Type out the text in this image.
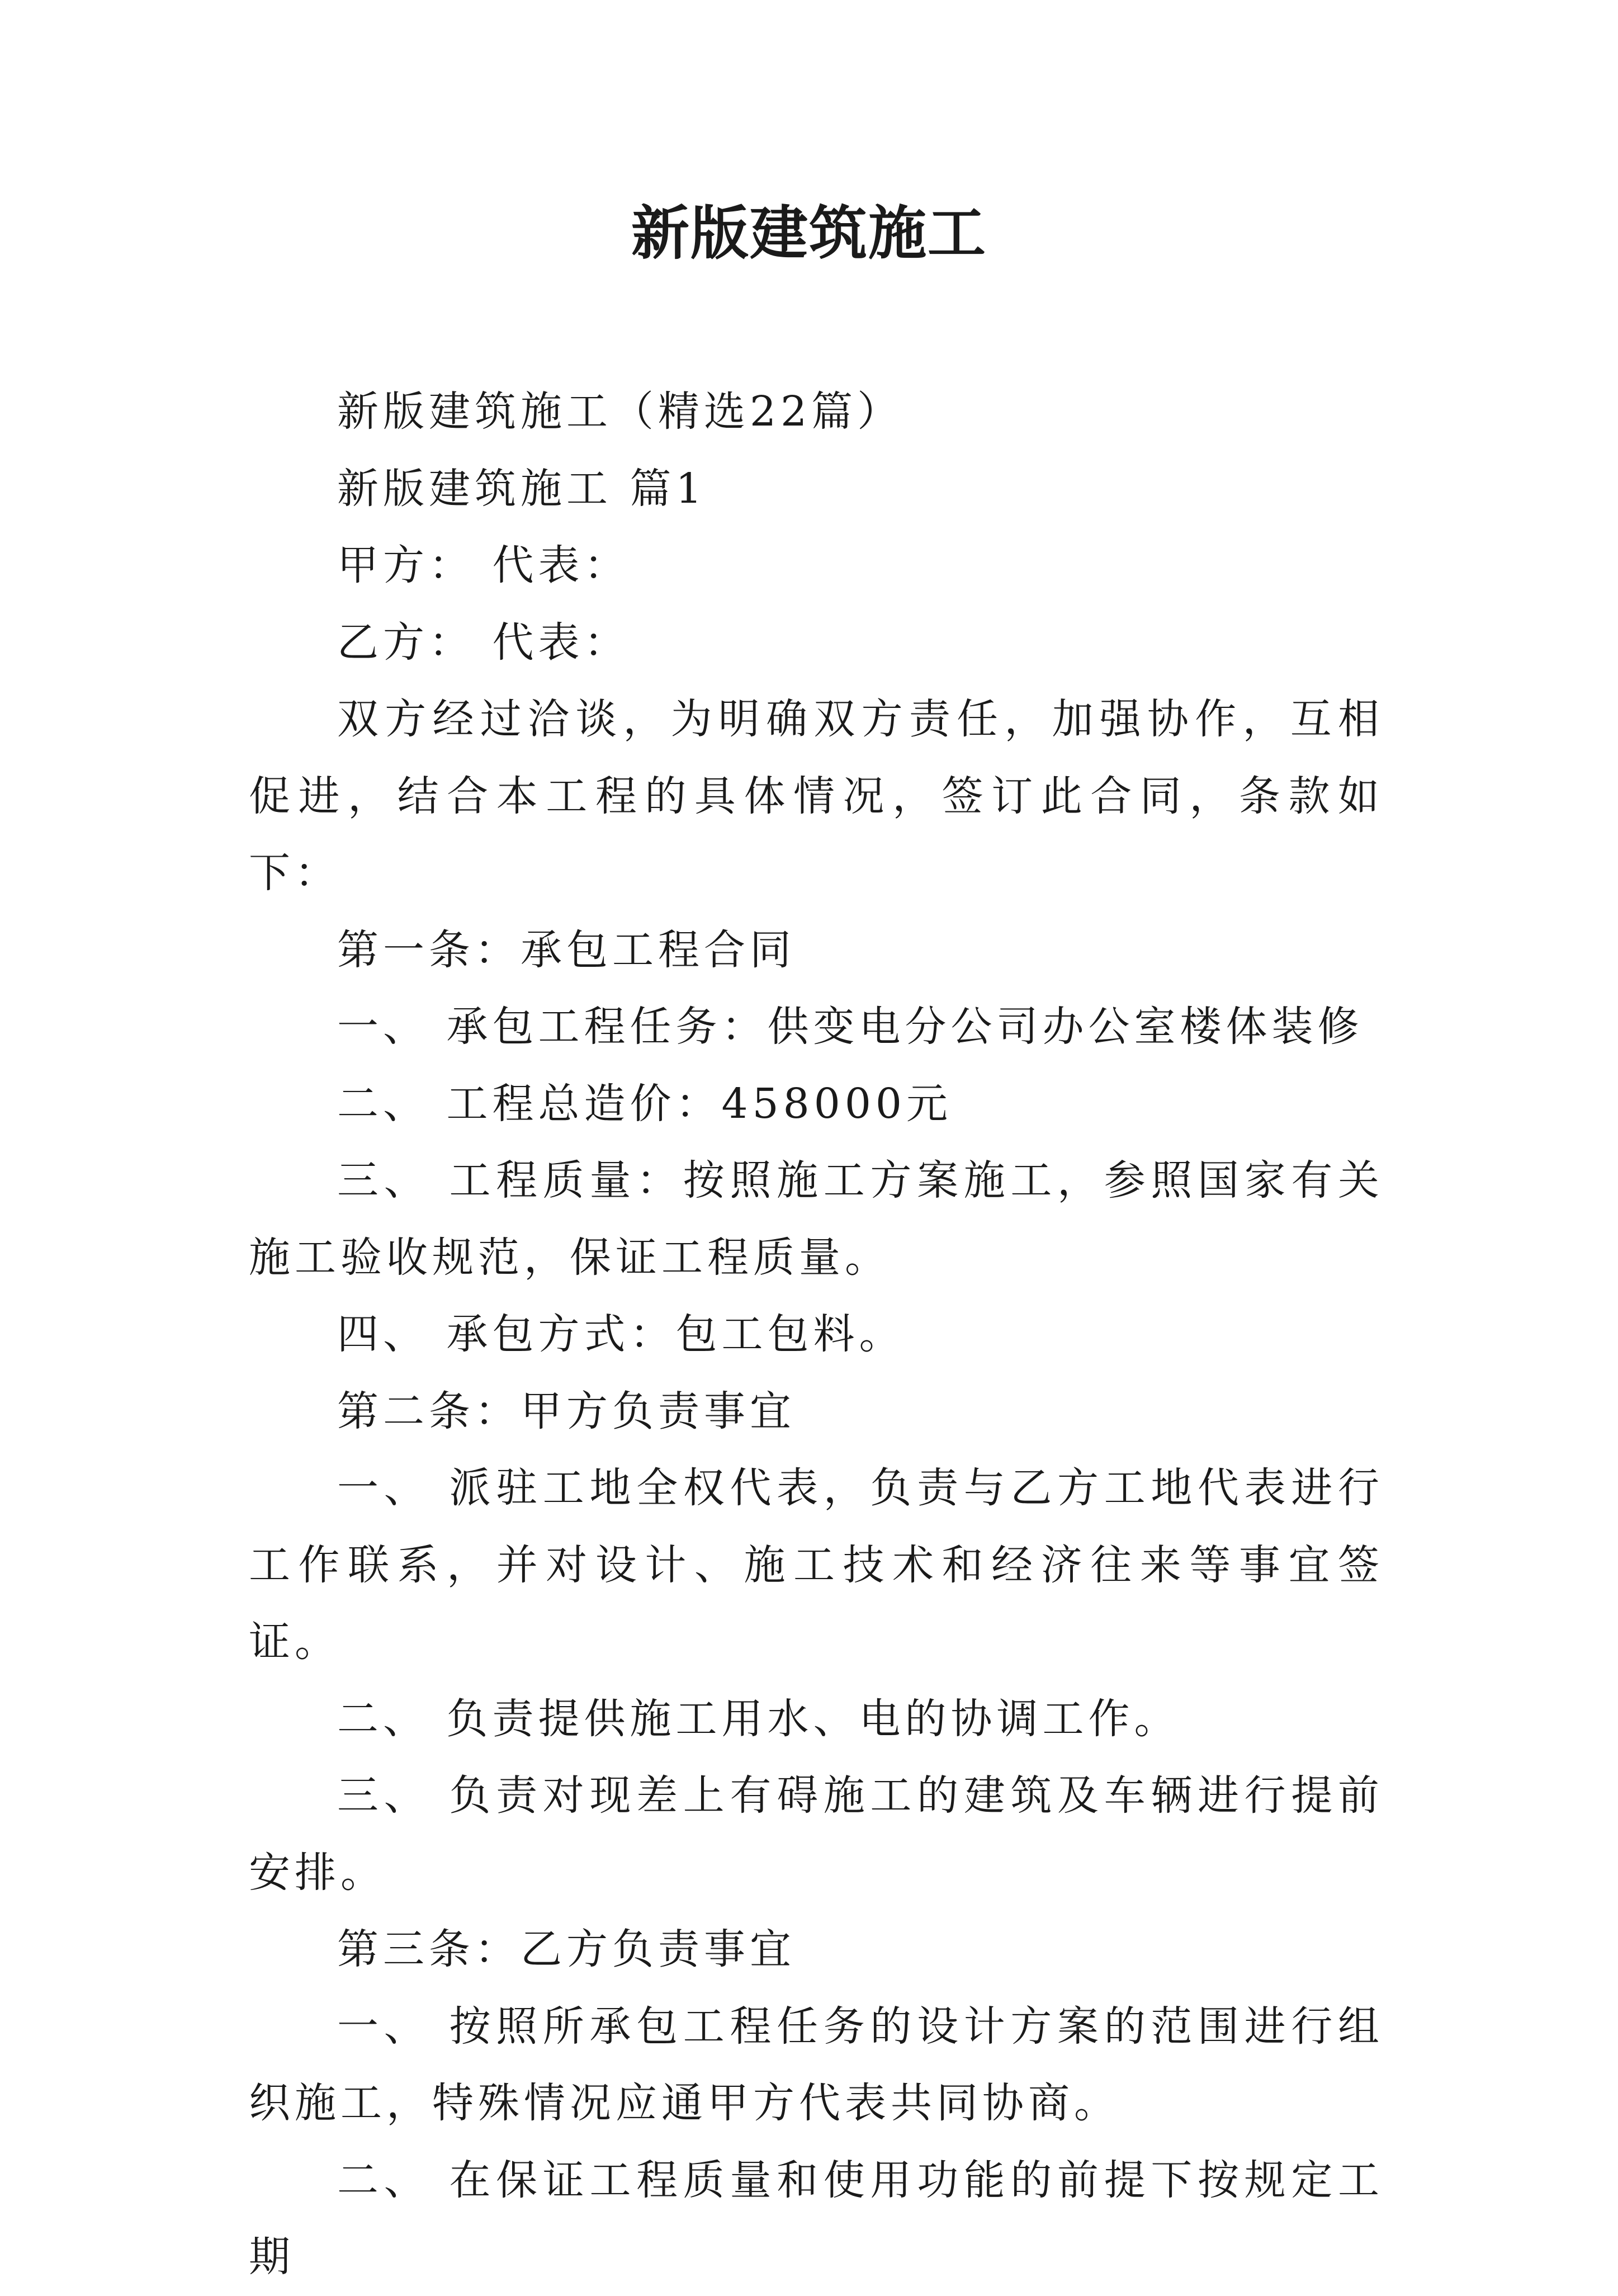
新版建筑施工

新版建筑施工（精选22篇）

新版建筑施工 篇1

甲方： 代表：

乙方： 代表：

双方经过洽谈，为明确双方责任，加强协作，互相促进，结合本工程的具体情况，签订此合同，条款如下：

第一条：承包工程合同

一、 承包工程任务：供变电分公司办公室楼体装修

二、 工程总造价：458000元

三、 工程质量：按照施工方案施工，参照国家有关施工验收规范，保证工程质量。

四、 承包方式：包工包料。

第二条：甲方负责事宜

一、 派驻工地全权代表，负责与乙方工地代表进行工作联系，并对设计、施工技术和经济往来等事宜签证。

二、 负责提供施工用水、电的协调工作。

三、 负责对现差上有碍施工的建筑及车辆进行提前安排。

第三条：乙方负责事宜

一、 按照所承包工程任务的设计方案的范围进行组织施工，特殊情况应通甲方代表共同协商。

二、 在保证工程质量和使用功能的前提下按规定工期
